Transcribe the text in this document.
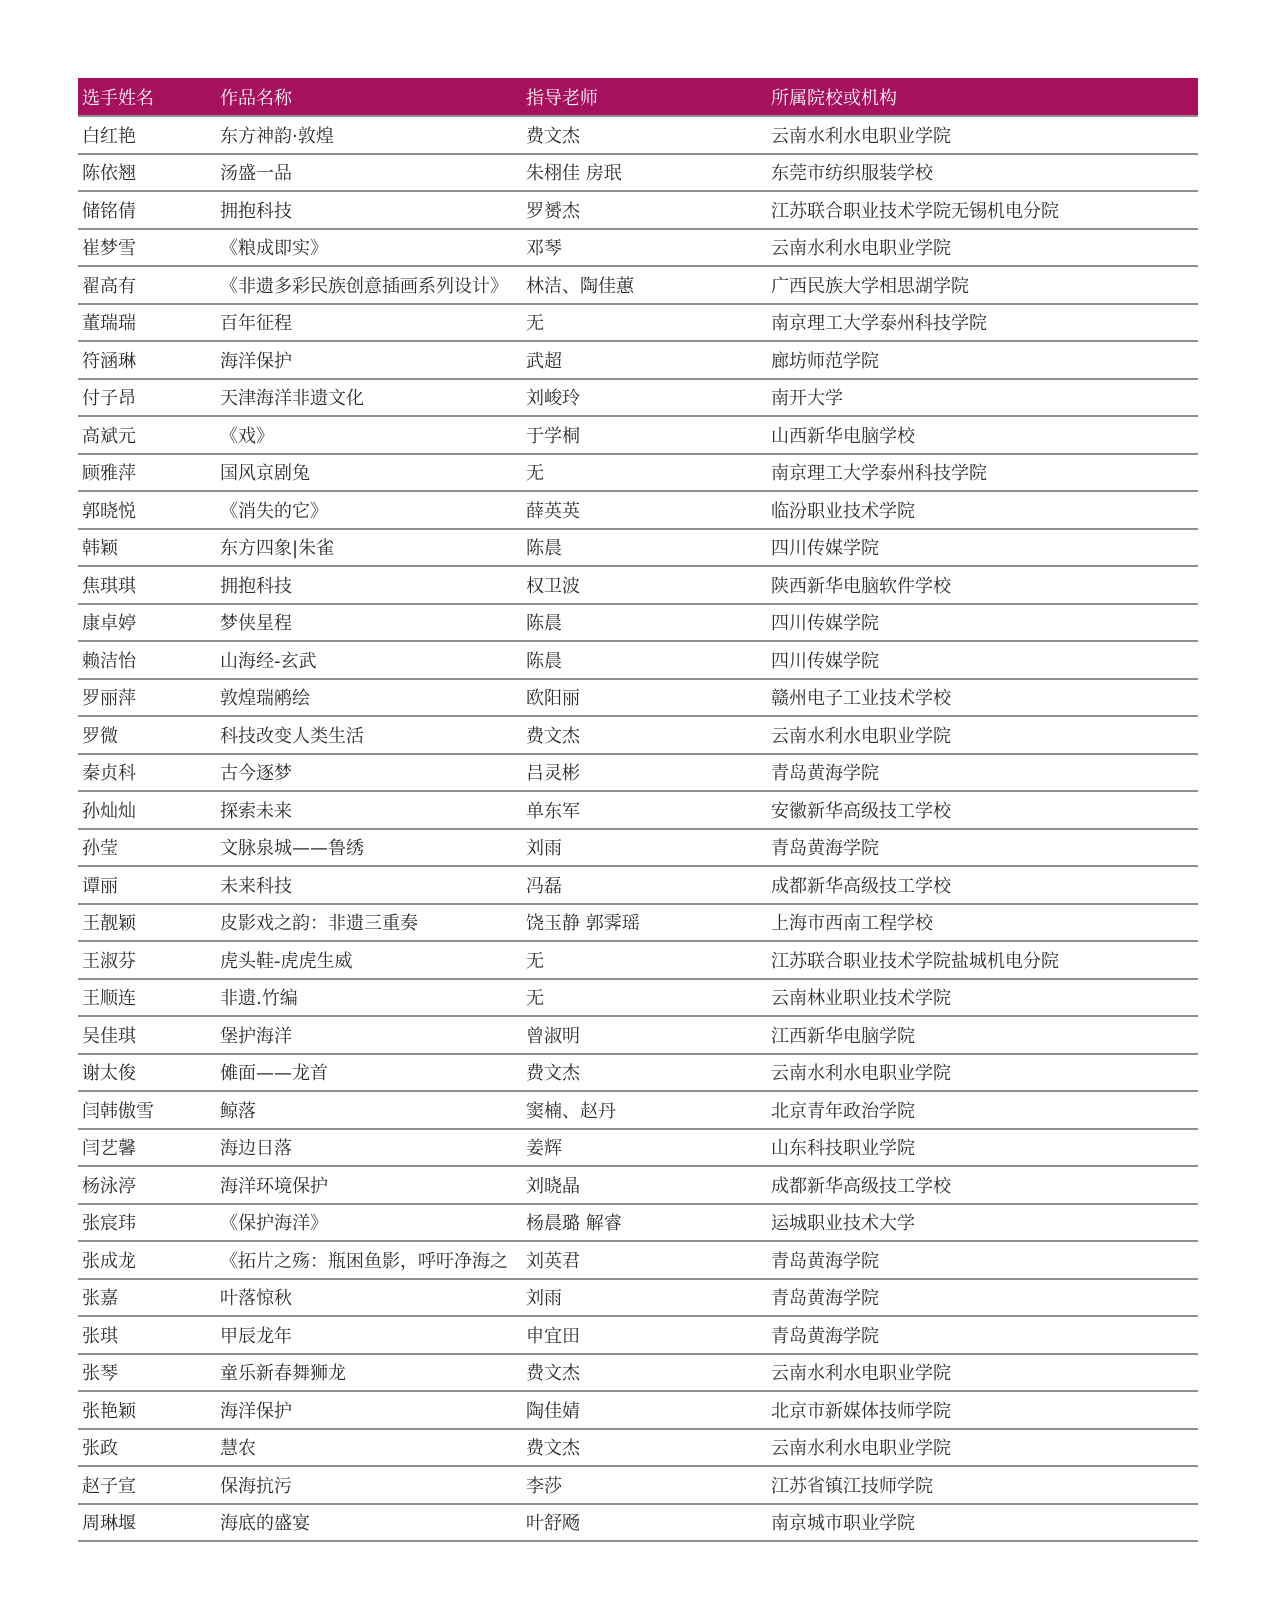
选手姓名	作品名称	指导老师	所属院校或机构
白红艳	东方神韵·敦煌	费文杰	云南水利水电职业学院
陈依翘	汤盛一品	朱栩佳 房珉	东莞市纺织服装学校
储铭倩	拥抱科技	罗赟杰	江苏联合职业技术学院无锡机电分院
崔梦雪	《粮成即实》	邓琴	云南水利水电职业学院
翟高有	《非遗多彩民族创意插画系列设计》	林洁、陶佳蕙	广西民族大学相思湖学院
董瑞瑞	百年征程	无	南京理工大学泰州科技学院
符涵琳	海洋保护	武超	廊坊师范学院
付子昂	天津海洋非遗文化	刘峻玲	南开大学
高斌元	《戏》	于学桐	山西新华电脑学校
顾雅萍	国风京剧兔	无	南京理工大学泰州科技学院
郭晓悦	《消失的它》	薛英英	临汾职业技术学院
韩颖	东方四象|朱雀	陈晨	四川传媒学院
焦琪琪	拥抱科技	权卫波	陕西新华电脑软件学校
康卓婷	梦侠星程	陈晨	四川传媒学院
赖洁怡	山海经-玄武	陈晨	四川传媒学院
罗丽萍	敦煌瑞鹇绘	欧阳丽	赣州电子工业技术学校
罗微	科技改变人类生活	费文杰	云南水利水电职业学院
秦贞科	古今逐梦	吕灵彬	青岛黄海学院
孙灿灿	探索未来	单东军	安徽新华高级技工学校
孙莹	文脉泉城——鲁绣	刘雨	青岛黄海学院
谭丽	未来科技	冯磊	成都新华高级技工学校
王靓颖	皮影戏之韵：非遗三重奏	饶玉静 郭霁瑶	上海市西南工程学校
王淑芬	虎头鞋-虎虎生威	无	江苏联合职业技术学院盐城机电分院
王顺连	非遗.竹编	无	云南林业职业技术学院
吴佳琪	堡护海洋	曾淑明	江西新华电脑学院
谢太俊	傩面——龙首	费文杰	云南水利水电职业学院
闫韩傲雪	鲸落	窦楠、赵丹	北京青年政治学院
闫艺馨	海边日落	姜辉	山东科技职业学院
杨泳渟	海洋环境保护	刘晓晶	成都新华高级技工学校
张宸玮	《保护海洋》	杨晨璐 解睿	运城职业技术大学
张成龙	《拓片之殇：瓶困鱼影，呼吁净海之	刘英君	青岛黄海学院
张嘉	叶落惊秋	刘雨	青岛黄海学院
张琪	甲辰龙年	申宜田	青岛黄海学院
张琴	童乐新春舞狮龙	费文杰	云南水利水电职业学院
张艳颖	海洋保护	陶佳婧	北京市新媒体技师学院
张政	慧农	费文杰	云南水利水电职业学院
赵子宣	保海抗污	李莎	江苏省镇江技师学院
周琳堰	海底的盛宴	叶舒飏	南京城市职业学院
